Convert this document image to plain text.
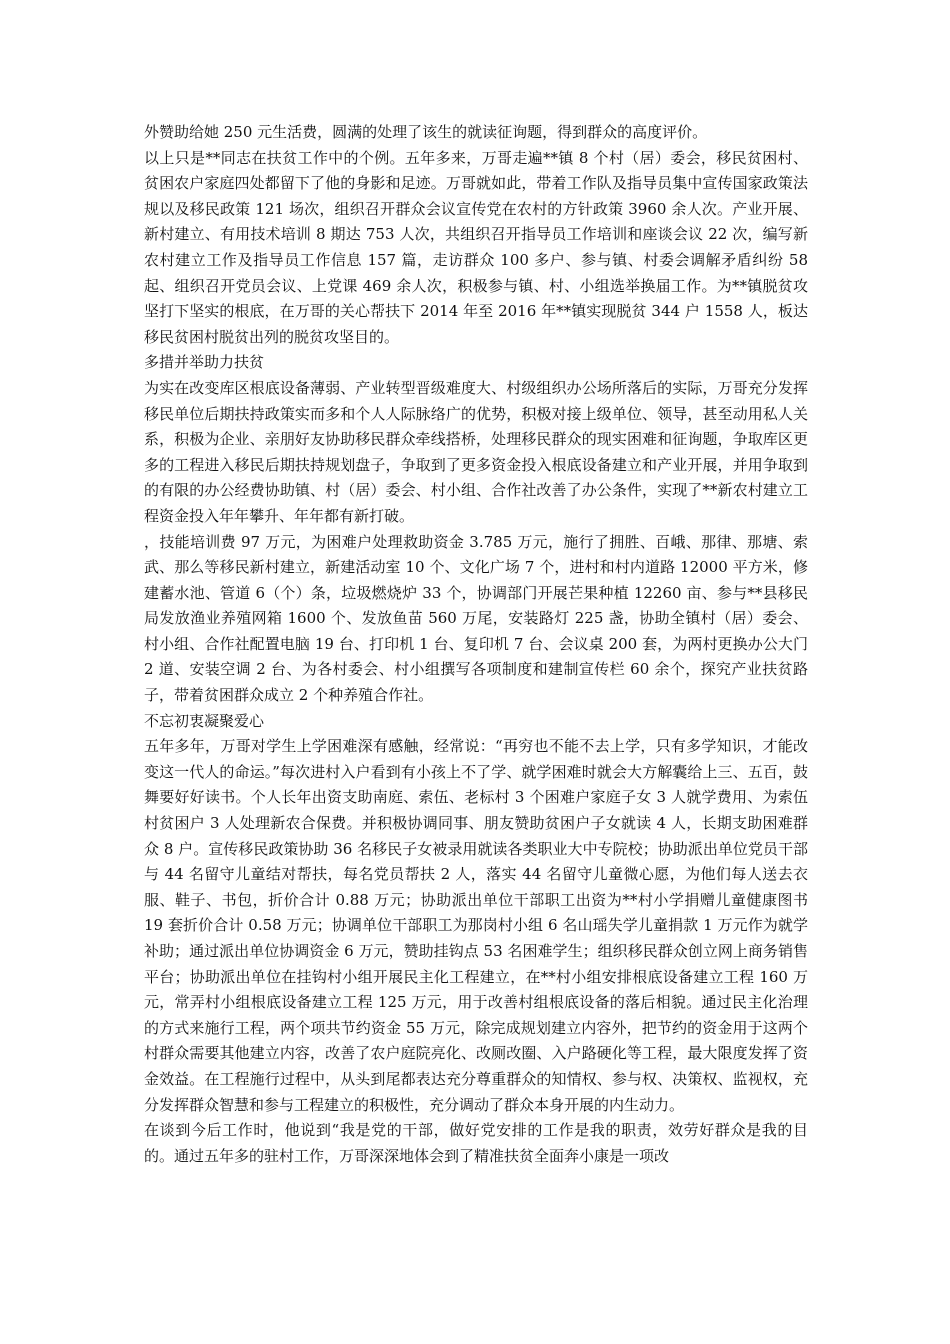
外赞助给她 250 元生活费，圆满的处理了该生的就读征询题，得到群众的高度评价。

以上只是**同志在扶贫工作中的个例。五年多来，万哥走遍**镇 8 个村（居）委会，移民贫困村、贫困农户家庭四处都留下了他的身影和足迹。万哥就如此，带着工作队及指导员集中宣传国家政策法规以及移民政策 121 场次，组织召开群众会议宣传党在农村的方针政策 3960 余人次。产业开展、新村建立、有用技术培训 8 期达 753 人次，共组织召开指导员工作培训和座谈会议 22 次，编写新农村建立工作及指导员工作信息 157 篇，走访群众 100 多户、参与镇、村委会调解矛盾纠纷 58 起、组织召开党员会议、上党课 469 余人次，积极参与镇、村、小组选举换届工作。为**镇脱贫攻坚打下坚实的根底，在万哥的关心帮扶下 2014 年至 2016 年**镇实现脱贫 344 户 1558 人，板达移民贫困村脱贫出列的脱贫攻坚目的。

多措并举助力扶贫

为实在改变库区根底设备薄弱、产业转型晋级难度大、村级组织办公场所落后的实际，万哥充分发挥移民单位后期扶持政策实而多和个人人际脉络广的优势，积极对接上级单位、领导，甚至动用私人关系，积极为企业、亲朋好友协助移民群众牵线搭桥，处理移民群众的现实困难和征询题，争取库区更多的工程进入移民后期扶持规划盘子，争取到了更多资金投入根底设备建立和产业开展，并用争取到的有限的办公经费协助镇、村（居）委会、村小组、合作社改善了办公条件，实现了**新农村建立工程资金投入年年攀升、年年都有新打破。

，技能培训费 97 万元，为困难户处理救助资金 3.785 万元，施行了拥胜、百峨、那律、那塘、索武、那么等移民新村建立，新建活动室 10 个、文化广场 7 个，进村和村内道路 12000 平方米，修建蓄水池、管道 6（个）条，垃圾燃烧炉 33 个，协调部门开展芒果种植 12260 亩、参与**县移民局发放渔业养殖网箱 1600 个、发放鱼苗 560 万尾，安装路灯 225 盏，协助全镇村（居）委会、村小组、合作社配置电脑 19 台、打印机 1 台、复印机 7 台、会议桌 200 套，为两村更换办公大门 2 道、安装空调 2 台、为各村委会、村小组撰写各项制度和建制宣传栏 60 余个，探究产业扶贫路子，带着贫困群众成立 2 个种养殖合作社。

不忘初衷凝聚爱心

五年多年，万哥对学生上学困难深有感触，经常说：“再穷也不能不去上学，只有多学知识，才能改变这一代人的命运。”每次进村入户看到有小孩上不了学、就学困难时就会大方解囊给上三、五百，鼓舞要好好读书。个人长年出资支助南庭、索伍、老标村 3 个困难户家庭子女 3 人就学费用、为索伍村贫困户 3 人处理新农合保费。并积极协调同事、朋友赞助贫困户子女就读 4 人，长期支助困难群众 8 户。宣传移民政策协助 36 名移民子女被录用就读各类职业大中专院校；协助派出单位党员干部与 44 名留守儿童结对帮扶，每名党员帮扶 2 人，落实 44 名留守儿童微心愿，为他们每人送去衣服、鞋子、书包，折价合计 0.88 万元；协助派出单位干部职工出资为**村小学捐赠儿童健康图书 19 套折价合计 0.58 万元；协调单位干部职工为那岗村小组 6 名山瑶失学儿童捐款 1 万元作为就学补助；通过派出单位协调资金 6 万元，赞助挂钩点 53 名困难学生；组织移民群众创立网上商务销售平台；协助派出单位在挂钩村小组开展民主化工程建立，在**村小组安排根底设备建立工程 160 万元，常弄村小组根底设备建立工程 125 万元，用于改善村组根底设备的落后相貌。通过民主化治理的方式来施行工程，两个项共节约资金 55 万元，除完成规划建立内容外，把节约的资金用于这两个村群众需要其他建立内容，改善了农户庭院亮化、改厕改圈、入户路硬化等工程，最大限度发挥了资金效益。在工程施行过程中，从头到尾都表达充分尊重群众的知情权、参与权、决策权、监视权，充分发挥群众智慧和参与工程建立的积极性，充分调动了群众本身开展的内生动力。

在谈到今后工作时，他说到“我是党的干部，做好党安排的工作是我的职责，效劳好群众是我的目的。通过五年多的驻村工作，万哥深深地体会到了精准扶贫全面奔小康是一项改
